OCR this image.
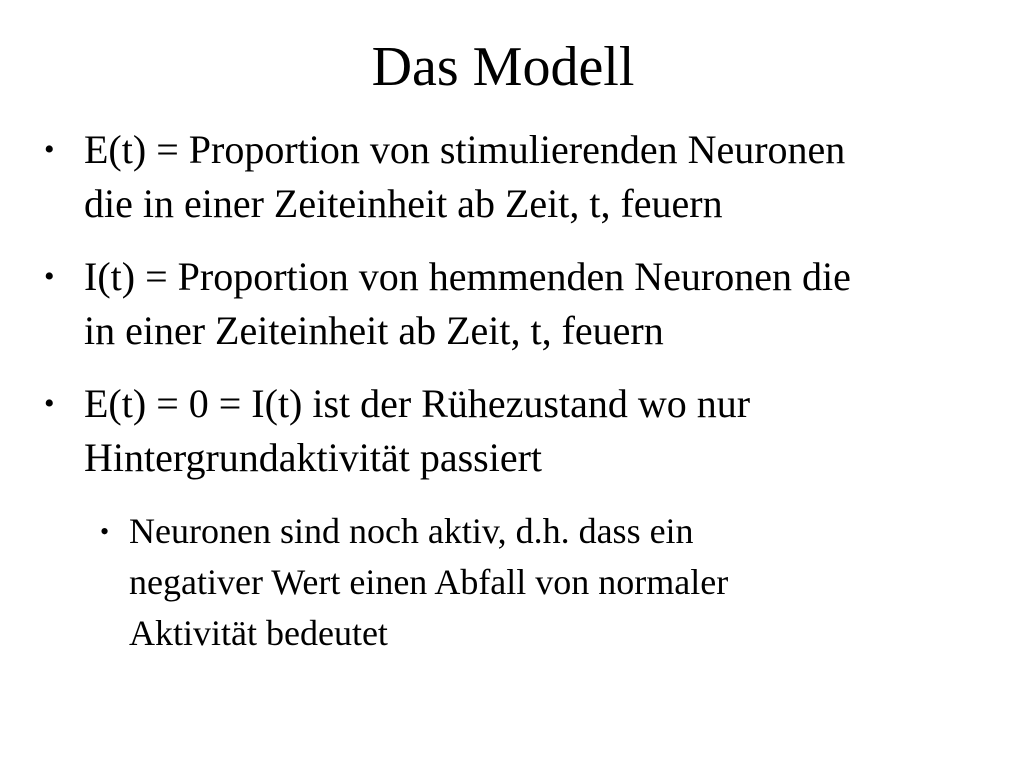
Das Modell
• E(t) = Proportion von stimulierenden Neuronen
die in einer Zeiteinheit ab Zeit, t, feuern
• I(t) = Proportion von hemmenden Neuronen die
in einer Zeiteinheit ab Zeit, t, feuern
• E(t) = 0 = I(t) ist der Rühezustand wo nur
Hintergrundaktivität passiert
• Neuronen sind noch aktiv, d.h. dass ein
negativer Wert einen Abfall von normaler
Aktivität bedeutet
